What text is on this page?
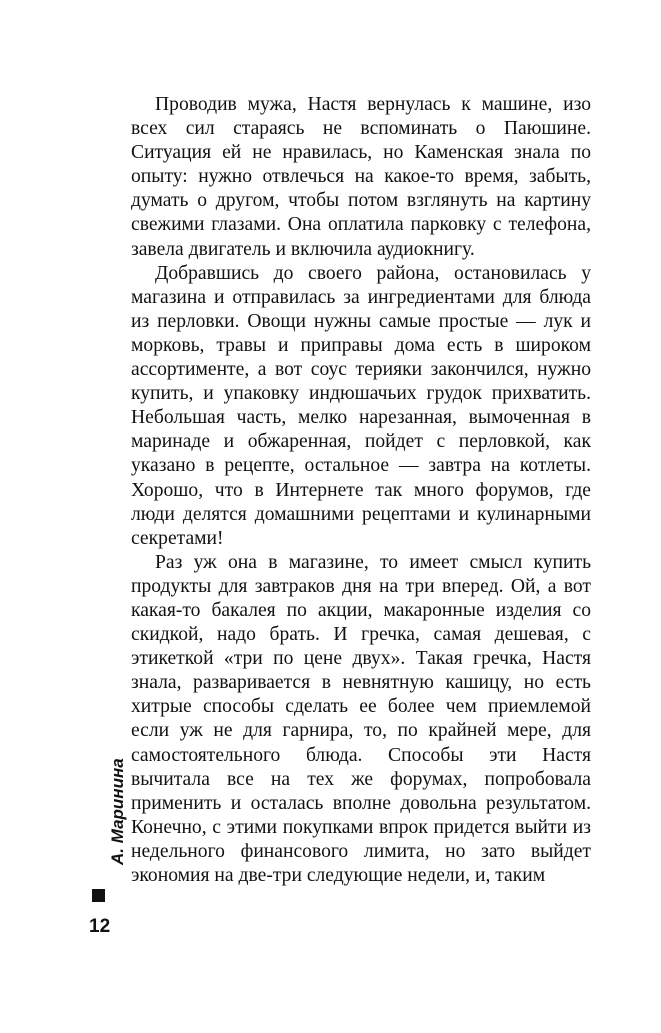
Проводив мужа, Настя вернулась к машине, изо всех сил стараясь не вспоминать о Паюшине. Ситуация ей не нравилась, но Каменская знала по опыту: нужно отвлечься на какое-то время, забыть, думать о другом, чтобы потом взглянуть на картину свежими глазами. Она оплатила парковку с телефона, завела двигатель и включила аудиокнигу.

Добравшись до своего района, остановилась у магазина и отправилась за ингредиентами для блюда из перловки. Овощи нужны самые простые — лук и морковь, травы и приправы дома есть в широком ассортименте, а вот соус терияки закончился, нужно купить, и упаковку индюшачьих грудок прихватить. Небольшая часть, мелко нарезанная, вымоченная в маринаде и обжаренная, пойдет с перловкой, как указано в рецепте, остальное — завтра на котлеты. Хорошо, что в Интернете так много форумов, где люди делятся домашними рецептами и кулинарными секретами!

Раз уж она в магазине, то имеет смысл купить продукты для завтраков дня на три вперед. Ой, а вот какая-то бакалея по акции, макаронные изделия со скидкой, надо брать. И гречка, самая дешевая, с этикеткой «три по цене двух». Такая гречка, Настя знала, разваривается в невнятную кашицу, но есть хитрые способы сделать ее более чем приемлемой если уж не для гарнира, то, по крайней мере, для самостоятельного блюда. Способы эти Настя вычитала все на тех же форумах, попробовала применить и осталась вполне довольна результатом. Конечно, с этими покупками впрок придется выйти из недельного финансового лимита, но зато выйдет экономия на две-три следующие недели, и, таким

А. Маринина
12
